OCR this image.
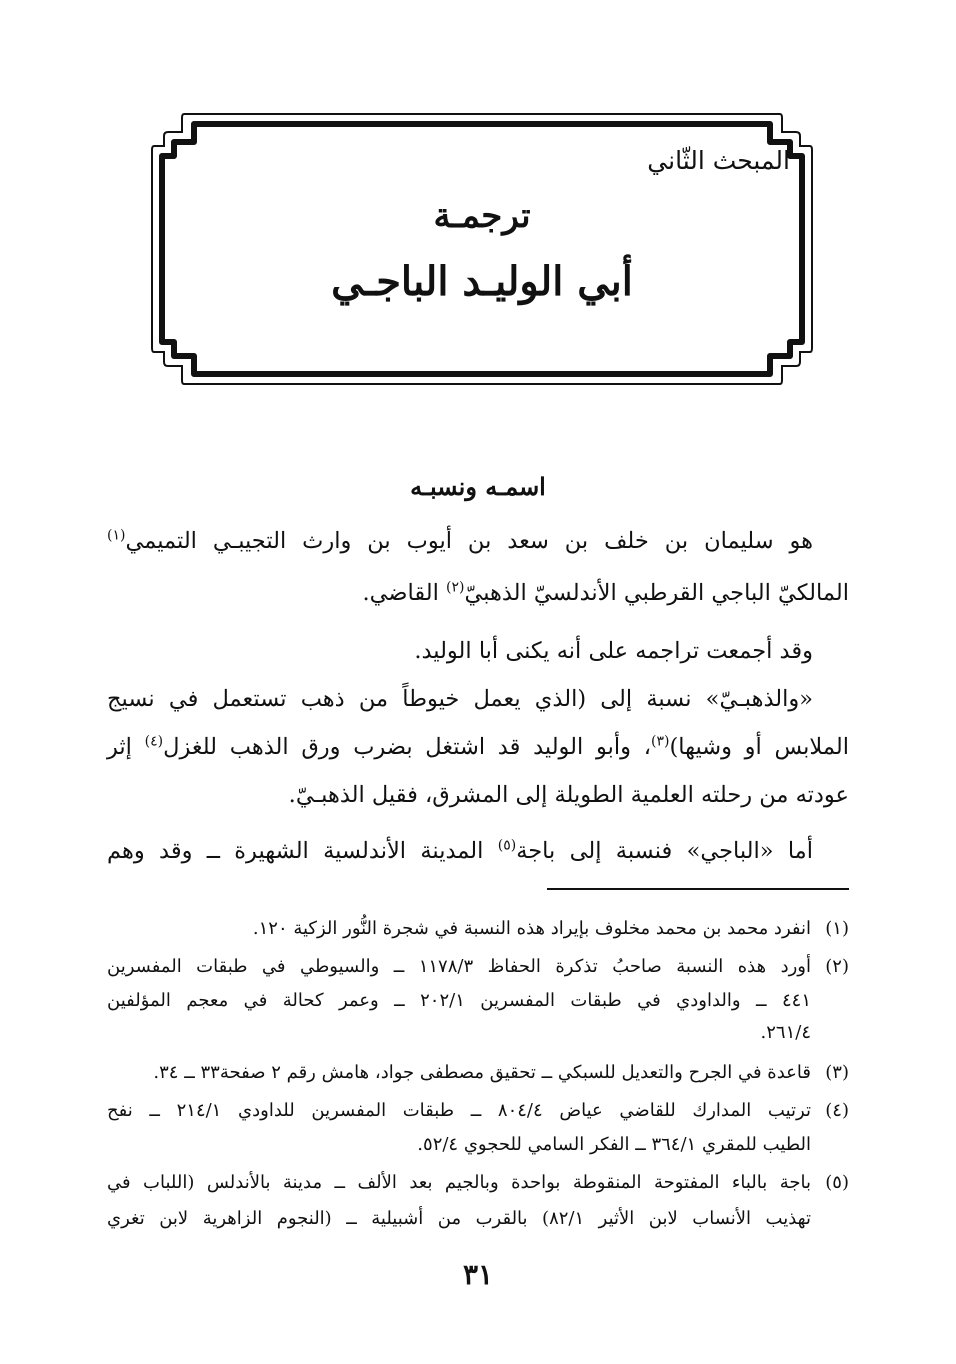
المبحث الثّاني
ترجمـة
أبي الوليـد الباجـي
اسمـه ونسبـه
هو سليمان بن خلف بن سعد بن أيوب بن وارث التجيبـي التميمي$^{(١)}$
المالكيّ الباجي القرطبي الأندلسيّ الذهبيّ$^{(٢)}$ القاضي.
وقد أجمعت تراجمه على أنه يكنى أبا الوليد.
«والذهبـيّ» نسبة إلى (الذي يعمل خيوطاً من ذهب تستعمل في نسيج
الملابس أو وشيها)$^{(٣)}$، وأبو الوليد قد اشتغل بضرب ورق الذهب للغزل$^{(٤)}$ إثر
عودته من رحلته العلمية الطويلة إلى المشرق، فقيل الذهبـيّ.
أما «الباجي» فنسبة إلى باجة$^{(٥)}$ المدينة الأندلسية الشهيرة ــ وقد وهم
(١)انفرد محمد بن محمد مخلوف بإيراد هذه النسبة في شجرة النُّور الزكية ١٢٠.
(٢)أورد هذه النسبة صاحبُ تذكرة الحفاظ ١١٧٨/٣ ــ والسيوطي في طبقات المفسرين
٤٤١ ــ والداودي في طبقات المفسرين ٢٠٢/١ ــ وعمر كحالة في معجم المؤلفين
٢٦١/٤.
(٣)قاعدة في الجرح والتعديل للسبكي ــ تحقيق مصطفى جواد، هامش رقم ٢ صفحة٣٣ ــ ٣٤.
(٤)ترتيب المدارك للقاضي عياض ٨٠٤/٤ ــ طبقات المفسرين للداودي ٢١٤/١ ــ نفح
الطيب للمقري ٣٦٤/١ ــ الفكر السامي للحجوي ٥٢/٤.
(٥)باجة بالباء المفتوحة المنقوطة بواحدة وبالجيم بعد الألف ــ مدينة بالأندلس (اللباب في
تهذيب الأنساب لابن الأثير ٨٢/١) بالقرب من أشبيلية ــ (النجوم الزاهرية لابن تغري
٣١
